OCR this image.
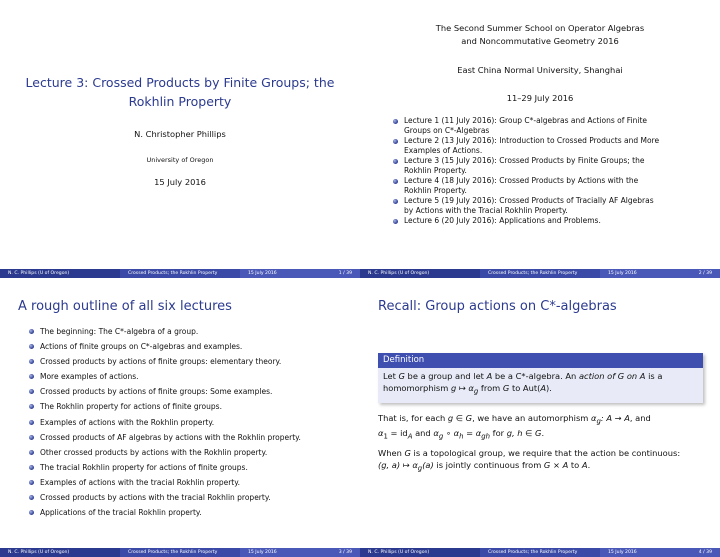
Lecture 3: Crossed Products by Finite Groups; the
Rokhlin Property
N. Christopher Phillips
University of Oregon
15 July 2016
N. C. Phillips (U of Oregon)	Crossed Products; the Rokhlin Property	15 July 2016	1 / 39
The Second Summer School on Operator Algebras
and Noncommutative Geometry 2016
East China Normal University, Shanghai
11–29 July 2016
Lecture 1 (11 July 2016): Group C*-algebras and Actions of Finite
Groups on C*-Algebras
Lecture 2 (13 July 2016): Introduction to Crossed Products and More
Examples of Actions.
Lecture 3 (15 July 2016): Crossed Products by Finite Groups; the
Rokhlin Property.
Lecture 4 (18 July 2016): Crossed Products by Actions with the
Rokhlin Property.
Lecture 5 (19 July 2016): Crossed Products of Tracially AF Algebras
by Actions with the Tracial Rokhlin Property.
Lecture 6 (20 July 2016): Applications and Problems.
N. C. Phillips (U of Oregon)	Crossed Products; the Rokhlin Property	15 July 2016	2 / 39
A rough outline of all six lectures
The beginning: The C*-algebra of a group.
Actions of finite groups on C*-algebras and examples.
Crossed products by actions of finite groups: elementary theory.
More examples of actions.
Crossed products by actions of finite groups: Some examples.
The Rokhlin property for actions of finite groups.
Examples of actions with the Rokhlin property.
Crossed products of AF algebras by actions with the Rokhlin property.
Other crossed products by actions with the Rokhlin property.
The tracial Rokhlin property for actions of finite groups.
Examples of actions with the tracial Rokhlin property.
Crossed products by actions with the tracial Rokhlin property.
Applications of the tracial Rokhlin property.
N. C. Phillips (U of Oregon)	Crossed Products; the Rokhlin Property	15 July 2016	3 / 39
Recall: Group actions on C*-algebras
Definition
Let G be a group and let A be a C*-algebra. An action of G on A is a
homomorphism g ↦ $\alpha_g$ from G to Aut(A).
That is, for each g ∈ G, we have an automorphism $\alpha_g$: A → A, and
$\alpha_1 = id_A$ and $\alpha_g$ ∘ $\alpha_h = \alpha_{gh}$ for g, h ∈ G.
When G is a topological group, we require that the action be continuous:
(g, a) ↦ $\alpha_g(a)$ is jointly continuous from G × A to A.
N. C. Phillips (U of Oregon)	Crossed Products; the Rokhlin Property	15 July 2016	4 / 39
